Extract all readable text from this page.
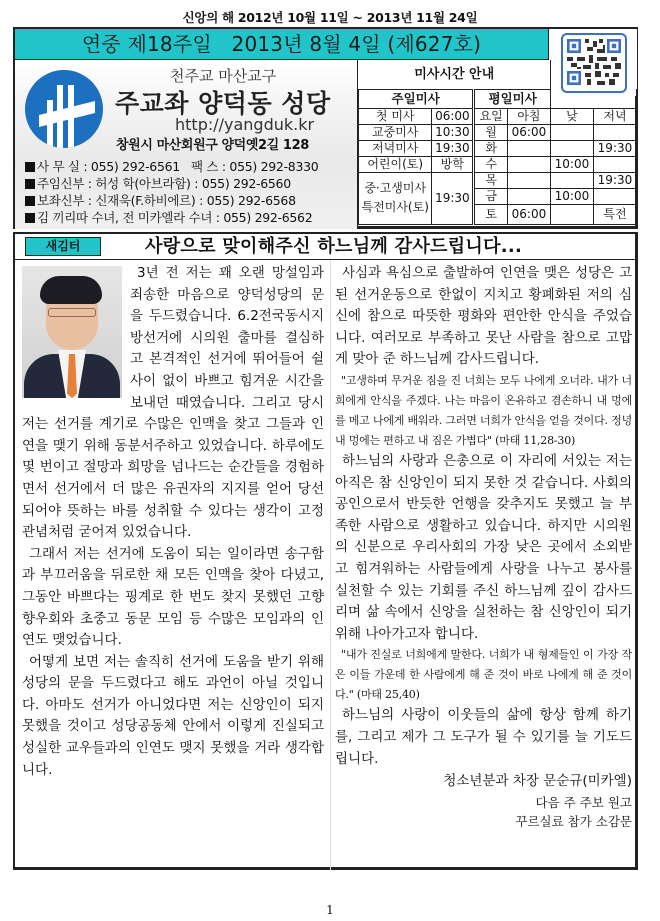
신앙의 해 2012년 10월 11일 ~ 2013년 11월 24일
연중 제18주일   2013년 8월 4일 (제627호)
천주교 마산교구
주교좌 양덕동 성당
http://yangduk.kr
창원시 마산회원구 양덕옛2길 128
사 무 실 : 055) 292-6561   팩 스 : 055) 292-8330
주임신부 : 허성 학(아브라함) : 055) 292-6560
보좌신부 : 신재욱(F.하비에르) : 055) 292-6568
김 끼리따 수녀, 전 미카엘라 수녀 : 055) 292-6562
미사시간 안내					
주일미사		평일미사			
첫 미사	06:00	요일	아침	낮	저녁
교중미사	10:30	월	06:00		
저녁미사	19:30	화			19:30
어린이(토)	방학	수		10:00	

중·고생미사
특전미사(토)	19:30	목			19:30
		금		10:00	
		토	06:00		특전
새김터	사랑으로 맞이해주신 하느님께 감사드립니다...

3년 전 저는 꽤 오랜 망설임과 죄송한 마음으로 양덕성당의 문을 두드렸습니다. 6.2전국동시지방선거에 시의원 출마를 결심하고 본격적인 선거에 뛰어들어 쉴 사이 없이 바쁘고 힘겨운 시간을 보내던 때였습니다. 그리고 당시 저는 선거를 계기로 수많은 인맥을 찾고 그들과 인연을 맺기 위해 동분서주하고 있었습니다. 하루에도 몇 번이고 절망과 희망을 넘나드는 순간들을 경험하면서 선거에서 더 많은 유권자의 지지를 얻어 당선되어야 뜻하는 바를 성취할 수 있다는 생각이 고정관념처럼 굳어져 있었습니다.

그래서 저는 선거에 도움이 되는 일이라면 송구함과 부끄러움을 뒤로한 채 모든 인맥을 찾아 다녔고, 그동안 바쁘다는 핑계로 한 번도 찾지 못했던 고향 향우회와 초중고 동문 모임 등 수많은 모임과의 인연도 맺었습니다.

어떻게 보면 저는 솔직히 선거에 도움을 받기 위해 성당의 문을 두드렸다고 해도 과언이 아닐 것입니다. 아마도 선거가 아니었다면 저는 신앙인이 되지 못했을 것이고 성당공동체 안에서 이렇게 진실되고 성실한 교우들과의 인연도 맺지 못했을 거라 생각합니다.

사심과 욕심으로 출발하여 인연을 맺은 성당은 고된 선거운동으로 한없이 지치고 황폐화된 저의 심신에 참으로 따뜻한 평화와 편안한 안식을 주었습니다. 여러모로 부족하고 못난 사람을 참으로 고맙게 맞아 준 하느님께 감사드립니다.

"고생하며 무거운 짐을 진 너희는 모두 나에게 오너라. 내가 너희에게 안식을 주겠다. 나는 마음이 온유하고 겸손하니 내 멍에를 메고 나에게 배워라. 그러면 너희가 안식을 얻을 것이다. 정녕 내 멍에는 편하고 내 짐은 가볍다" (마태 11,28-30)

하느님의 사랑과 은총으로 이 자리에 서있는 저는 아직은 참 신앙인이 되지 못한 것 같습니다. 사회의 공인으로서 반듯한 언행을 갖추지도 못했고 늘 부족한 사람으로 생활하고 있습니다. 하지만 시의원의 신분으로 우리사회의 가장 낮은 곳에서 소외받고 힘겨워하는 사람들에게 사랑을 나누고 봉사를 실천할 수 있는 기회를 주신 하느님께 깊이 감사드리며 삶 속에서 신앙을 실천하는 참 신앙인이 되기 위해 나아가고자 합니다.

"내가 진실로 너희에게 말한다. 너희가 내 형제들인 이 가장 작은 이들 가운데 한 사람에게 해 준 것이 바로 나에게 해 준 것이다." (마태 25,40)

하느님의 사랑이 이웃들의 삶에 항상 함께 하기를, 그리고 제가 그 도구가 될 수 있기를 늘 기도드립니다.

청소년분과 차장 문순규(미카엘)

다음 주 주보 원고

꾸르실료 참가 소감문

1
